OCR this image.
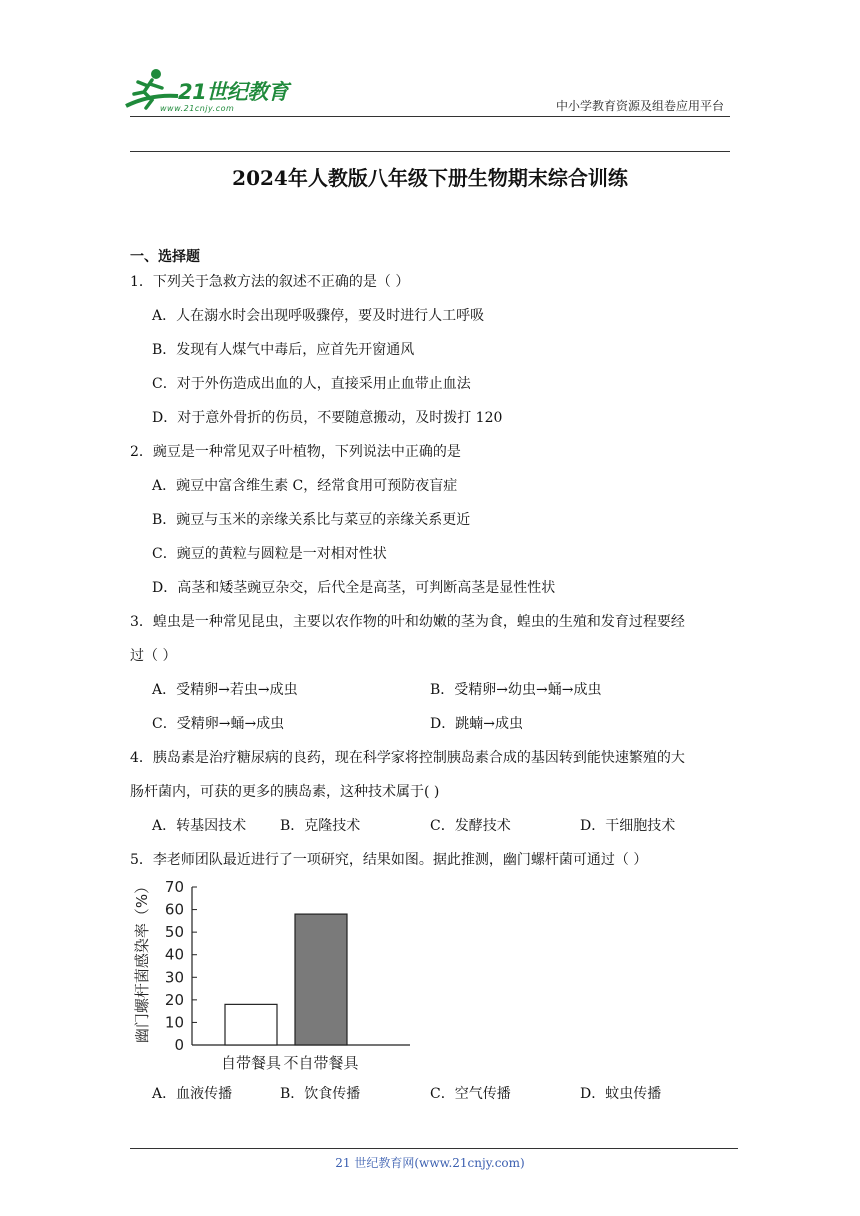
21世纪教育
www.21cnjy.com	中小学教育资源及组卷应用平台
2024年人教版八年级下册生物期末综合训练
一、选择题
1．下列关于急救方法的叙述不正确的是（ ）
A．人在溺水时会出现呼吸骤停，要及时进行人工呼吸
B．发现有人煤气中毒后，应首先开窗通风
C．对于外伤造成出血的人，直接采用止血带止血法
D．对于意外骨折的伤员，不要随意搬动，及时拨打 120
2．豌豆是一种常见双子叶植物，下列说法中正确的是
A．豌豆中富含维生素 C，经常食用可预防夜盲症
B．豌豆与玉米的亲缘关系比与菜豆的亲缘关系更近
C．豌豆的黄粒与圆粒是一对相对性状
D．高茎和矮茎豌豆杂交，后代全是高茎，可判断高茎是显性性状
3．蝗虫是一种常见昆虫，主要以农作物的叶和幼嫩的茎为食，蝗虫的生殖和发育过程要经
过（ ）
A．受精卵→若虫→成虫	B．受精卵→幼虫→蛹→成虫
C．受精卵→蛹→成虫	D．跳蝻→成虫
4．胰岛素是治疗糖尿病的良药，现在科学家将控制胰岛素合成的基因转到能快速繁殖的大
肠杆菌内，可获的更多的胰岛素，这种技术属于( )
A．转基因技术 B．克隆技术	C．发酵技术	D．干细胞技术
5．李老师团队最近进行了一项研究，结果如图。据此推测，幽门螺杆菌可通过（ ）
幽门螺杆菌感染率（%）
0
10
20
30
40
50
60
70
自带餐具 不自带餐具
A．血液传播	B．饮食传播	C．空气传播	D．蚊虫传播
21 世纪教育网(www.21cnjy.com)
